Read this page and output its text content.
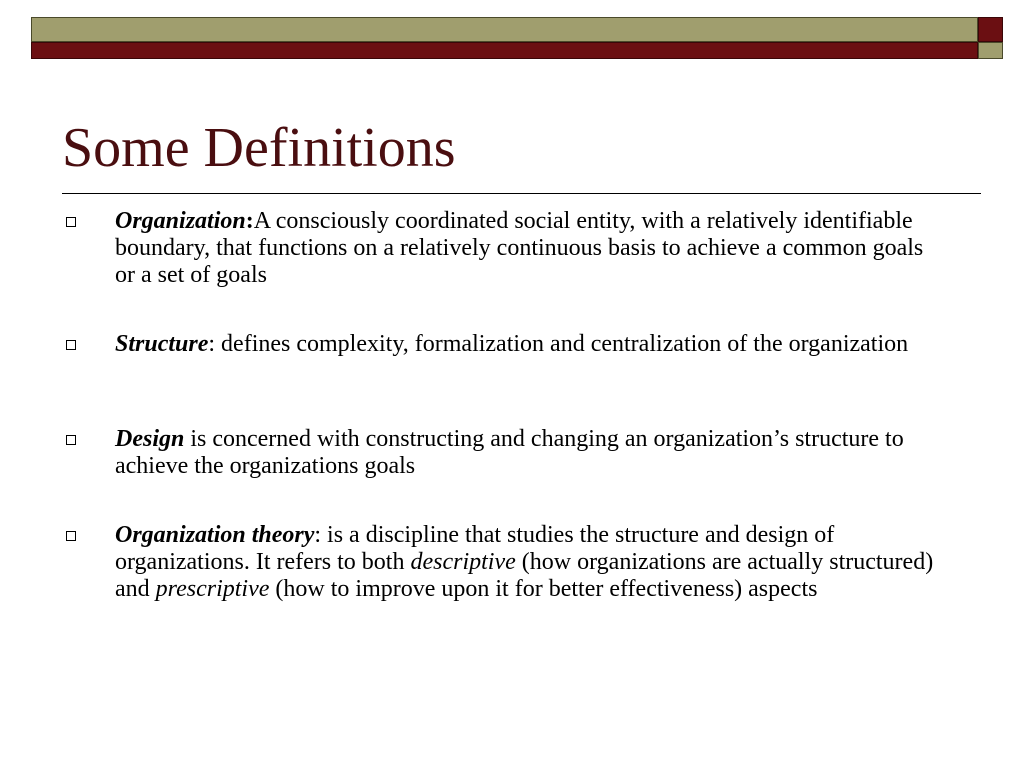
Some Definitions
Organization:A consciously coordinated social entity, with a relatively identifiable boundary, that functions on a relatively continuous basis to achieve a common goals or a set of goals
Structure: defines complexity, formalization and centralization of the organization
Design is concerned with constructing and changing an organization’s structure to achieve the organizations goals
Organization theory: is a discipline that studies the structure and design of organizations. It refers to both descriptive (how organizations are actually structured) and prescriptive (how to improve upon it for better effectiveness) aspects
